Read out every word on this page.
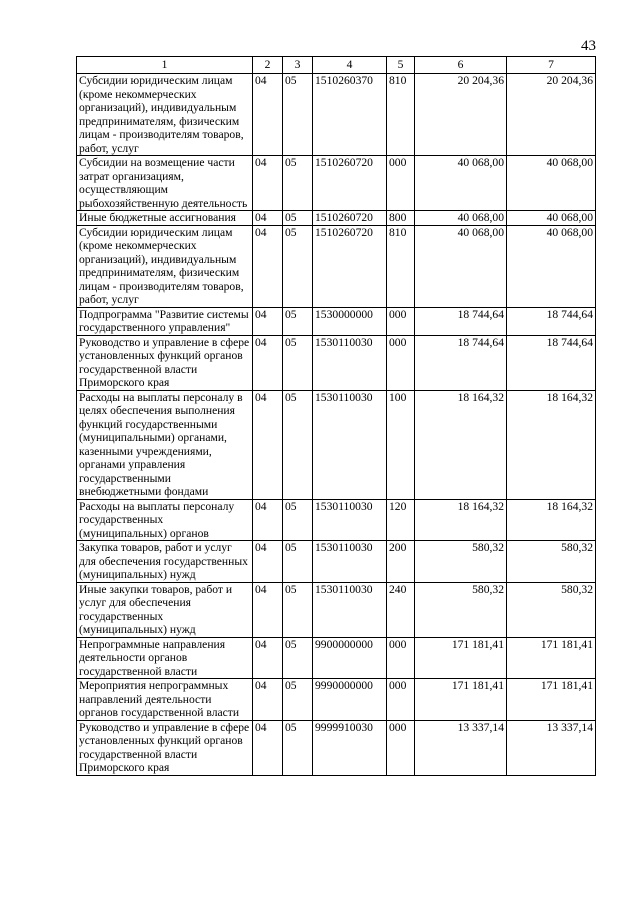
43
1	2	3	4	5	6	7
Субсидии юридическим лицам (кроме некоммерческих организаций), индивидуальным предпринимателям, физическим лицам - производителям товаров, работ, услуг	04	05	1510260370	810	20 204,36	20 204,36
Субсидии на возмещение части затрат организациям, осуществляющим рыбохозяйственную деятельность	04	05	1510260720	000	40 068,00	40 068,00
Иные бюджетные ассигнования	04	05	1510260720	800	40 068,00	40 068,00
Субсидии юридическим лицам (кроме некоммерческих организаций), индивидуальным предпринимателям, физическим лицам - производителям товаров, работ, услуг	04	05	1510260720	810	40 068,00	40 068,00
Подпрограмма "Развитие системы государственного управления"	04	05	1530000000	000	18 744,64	18 744,64
Руководство и управление в сфере установленных функций органов государственной власти Приморского края	04	05	1530110030	000	18 744,64	18 744,64
Расходы на выплаты персоналу в целях обеспечения выполнения функций государственными (муниципальными) органами, казенными учреждениями, органами управления государственными внебюджетными фондами	04	05	1530110030	100	18 164,32	18 164,32
Расходы на выплаты персоналу государственных (муниципальных) органов	04	05	1530110030	120	18 164,32	18 164,32
Закупка товаров, работ и услуг для обеспечения государственных (муниципальных) нужд	04	05	1530110030	200	580,32	580,32
Иные закупки товаров, работ и услуг для обеспечения государственных (муниципальных) нужд	04	05	1530110030	240	580,32	580,32
Непрограммные направления деятельности органов государственной власти	04	05	9900000000	000	171 181,41	171 181,41
Мероприятия непрограммных направлений деятельности органов государственной власти	04	05	9990000000	000	171 181,41	171 181,41
Руководство и управление в сфере установленных функций органов государственной власти Приморского края	04	05	9999910030	000	13 337,14	13 337,14
